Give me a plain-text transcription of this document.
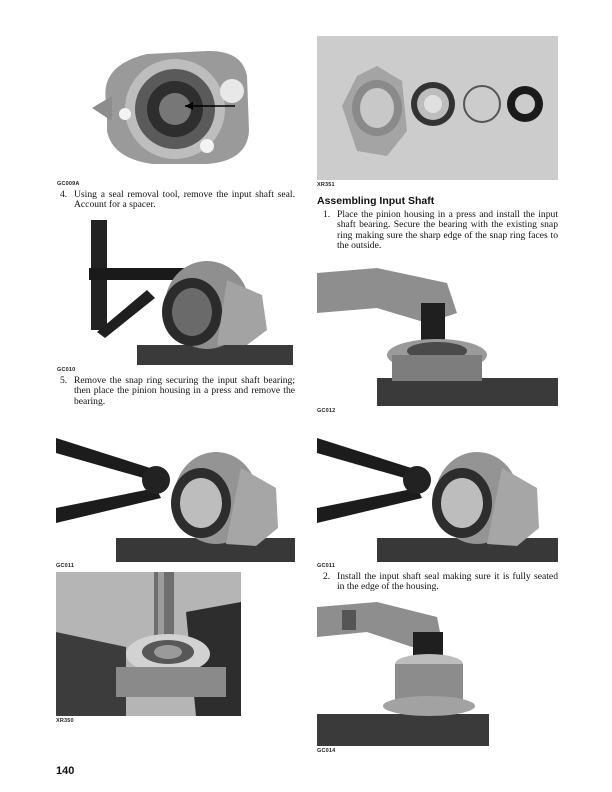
GC009A
4. Using a seal removal tool, remove the input shaft seal. Account for a spacer.
GC010
5. Remove the snap ring securing the input shaft bearing; then place the pinion housing in a press and remove the bearing.
GC011
XR350
XR351
Assembling Input Shaft
1. Place the pinion housing in a press and install the input shaft bearing. Secure the bearing with the existing snap ring making sure the sharp edge of the snap ring faces to the outside.
GC012
GC011
2. Install the input shaft seal making sure it is fully seated in the edge of the housing.
GC014
140
